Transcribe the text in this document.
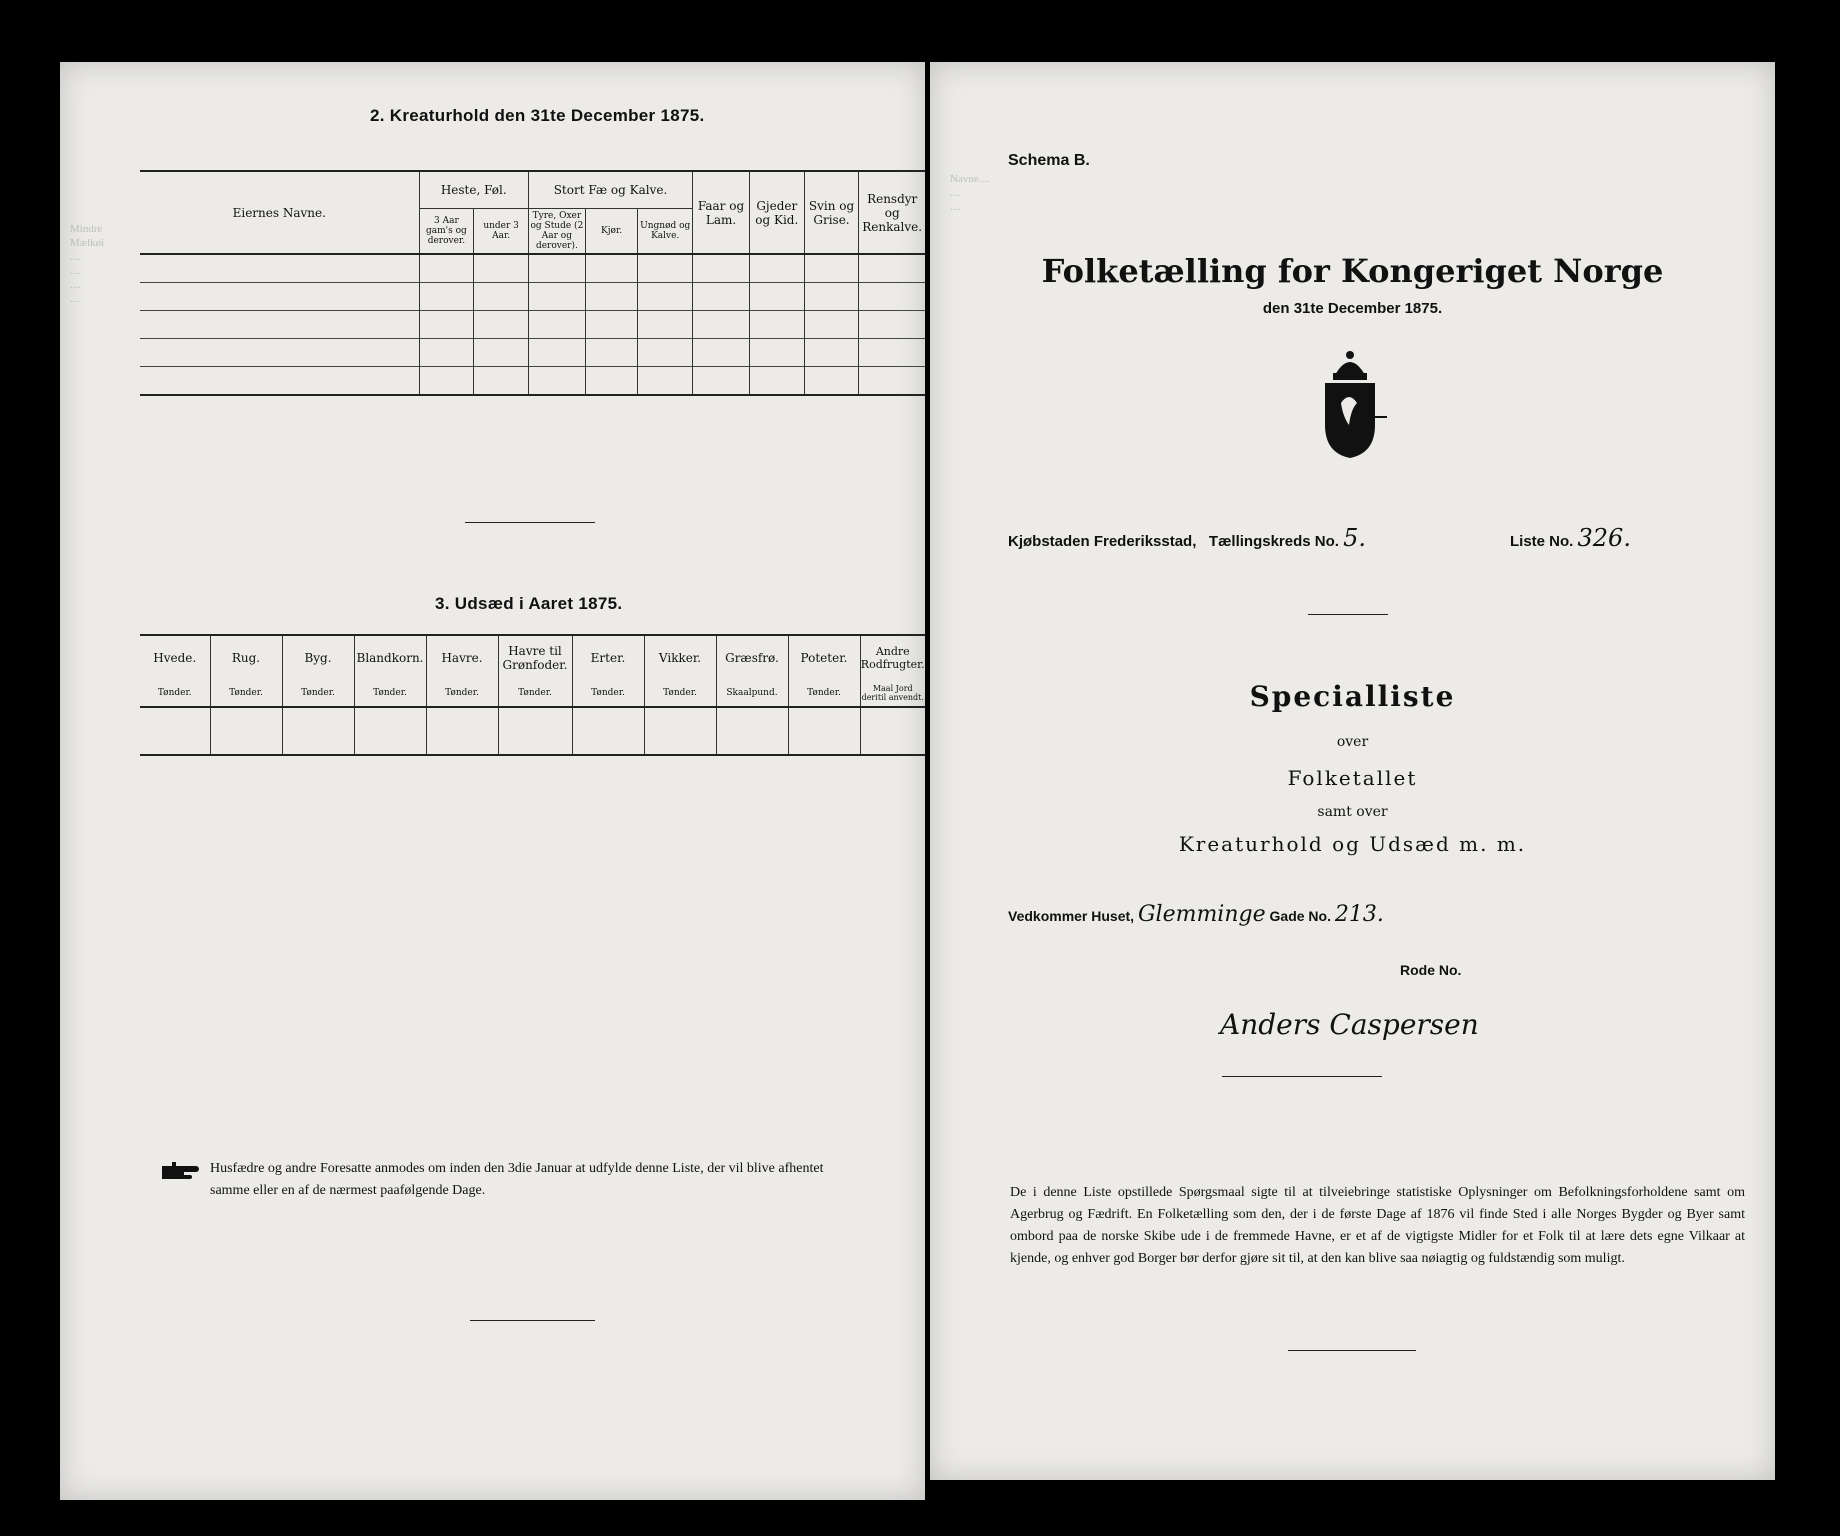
Mindre
Mælkøi
....
....
....
....
2. Kreaturhold den 31te December 1875.
Eiernes Navne.	Heste, Føl.		Stort Fæ og Kalve.			Faar og Lam.	Gjeder og Kid.	Svin og Grise.	Rensdyr og Renkalve.
	3 Aar gam's og derover.	under 3 Aar.	Tyre, Oxer og Stude (2 Aar og derover).	Kjør.	Ungnød og Kalve.				

3. Udsæd i Aaret 1875.
Hvede.	Rug.	Byg.	Blandkorn.	Havre.	Havre til Grønfoder.	Erter.	Vikker.	Græsfrø.	Poteter.	Andre Rodfrugter.
Tønder.	Tønder.	Tønder.	Tønder.	Tønder.	Tønder.	Tønder.	Tønder.	Skaalpund.	Tønder.	Maal Jord deritil anvendt.

Husfædre og andre Foresatte anmodes om inden den 3die Januar at udfylde denne Liste, der vil blive afhentet samme eller en af de nærmest paafølgende Dage.
Navne....
....
....
Schema B.
Folketælling for Kongeriget Norge
den 31te December 1875.
Kjøbstaden Frederiksstad, Tællingskreds No. 5.	Liste No. 326.
Specialliste
over
Folketallet
samt over
Kreaturhold og Udsæd m. m.
Vedkommer Huset, Glemminge Gade No. 213.
Rode No.
Anders Caspersen
De i denne Liste opstillede Spørgsmaal sigte til at tilveiebringe statistiske Oplysninger om Befolkningsforholdene samt om Agerbrug og Fædrift. En Folketælling som den, der i de første Dage af 1876 vil finde Sted i alle Norges Bygder og Byer samt ombord paa de norske Skibe ude i de fremmede Havne, er et af de vigtigste Midler for et Folk til at lære dets egne Vilkaar at kjende, og enhver god Borger bør derfor gjøre sit til, at den kan blive saa nøiagtig og fuldstændig som muligt.
